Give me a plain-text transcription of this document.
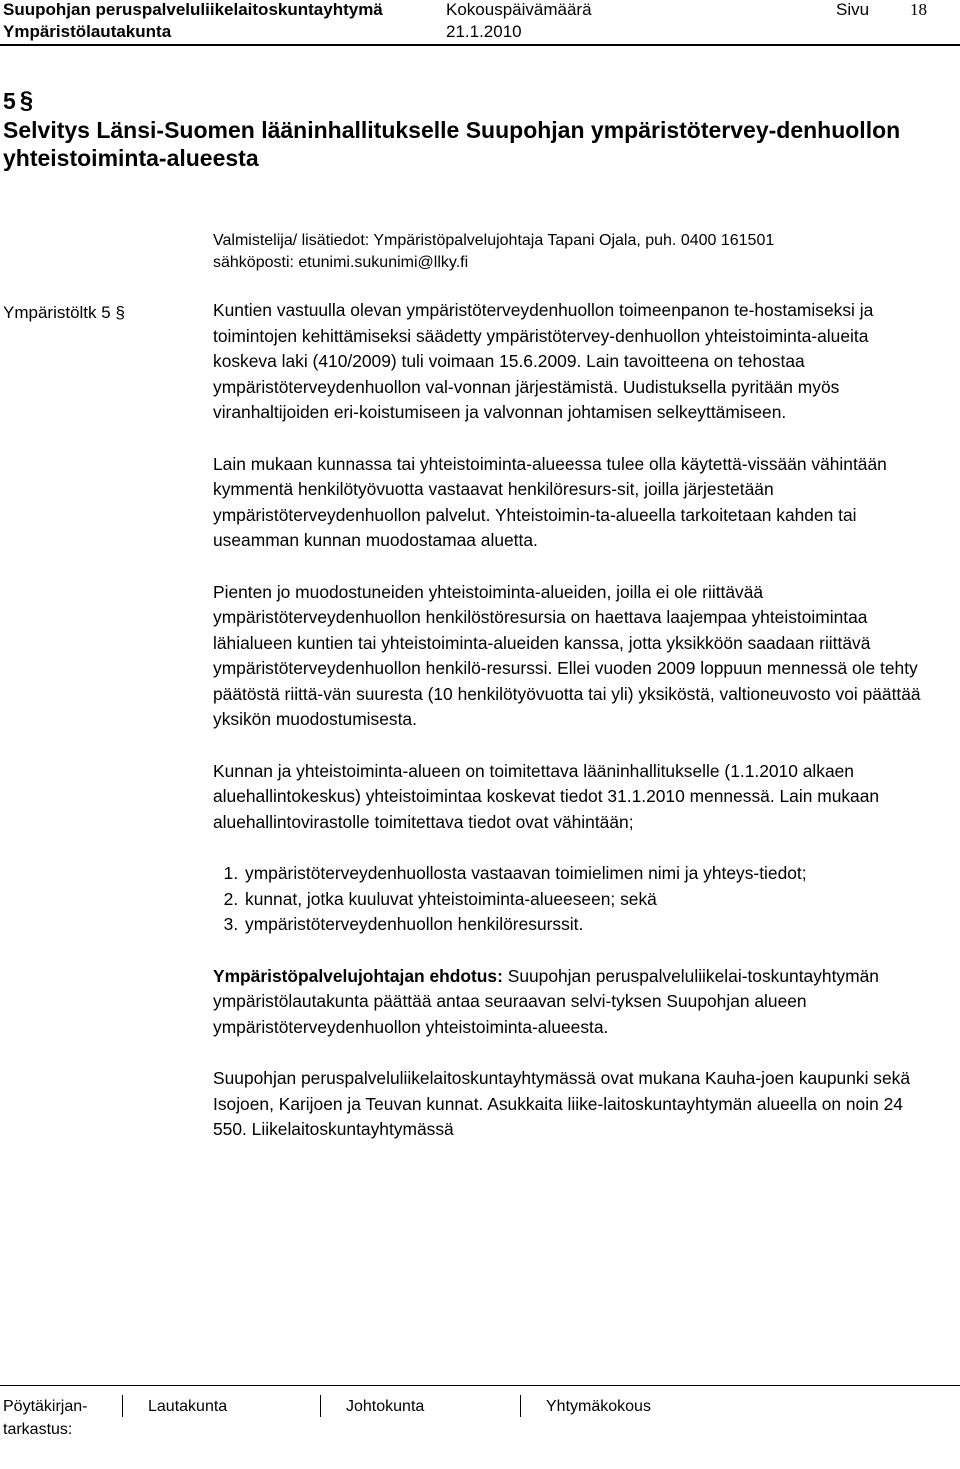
Suupohjan peruspalveluliikelaitoskuntayhtymä
Ympäristölautakunta
Kokouspäivämäärä
21.1.2010
Sivu 18
5 §
Selvitys Länsi-Suomen lääninhallitukselle Suupohjan ympäristötervey-denhuollon yhteistoiminta-alueesta
Valmistelija/ lisätiedot: Ympäristöpalvelujohtaja Tapani Ojala, puh. 0400 161501
sähköposti: etunimi.sukunimi@llky.fi
Ympäristöltk 5 §	Kuntien vastuulla olevan ympäristöterveydenhuollon toimeenpanon te-hostamiseksi ja toimintojen kehittämiseksi säädetty ympäristötervey-denhuollon yhteistoiminta-alueita koskeva laki (410/2009) tuli voimaan 15.6.2009. Lain tavoitteena on tehostaa ympäristöterveydenhuollon val-vonnan järjestämistä. Uudistuksella pyritään myös viranhaltijoiden eri-koistumiseen ja valvonnan johtamisen selkeyttämiseen.

Lain mukaan kunnassa tai yhteistoiminta-alueessa tulee olla käytettä-vissään vähintään kymmentä henkilötyövuotta vastaavat henkilöresurs-sit, joilla järjestetään ympäristöterveydenhuollon palvelut. Yhteistoimin-ta-alueella tarkoitetaan kahden tai useamman kunnan muodostamaa aluetta.

Pienten jo muodostuneiden yhteistoiminta-alueiden, joilla ei ole riittävää ympäristöterveydenhuollon henkilöstöresursia on haettava laajempaa yhteistoimintaa lähialueen kuntien tai yhteistoiminta-alueiden kanssa, jotta yksikköön saadaan riittävä ympäristöterveydenhuollon henkilö-resurssi. Ellei vuoden 2009 loppuun mennessä ole tehty päätöstä riittä-vän suuresta (10 henkilötyövuotta tai yli) yksiköstä, valtioneuvosto voi päättää yksikön muodostumisesta.

Kunnan ja yhteistoiminta-alueen on toimitettava lääninhallitukselle (1.1.2010 alkaen aluehallintokeskus) yhteistoimintaa koskevat tiedot 31.1.2010 mennessä. Lain mukaan aluehallintovirastolle toimitettava tiedot ovat vähintään;

1. ympäristöterveydenhuollosta vastaavan toimielimen nimi ja yhteys-tiedot;
2. kunnat, jotka kuuluvat yhteistoiminta-alueeseen; sekä
3. ympäristöterveydenhuollon henkilöresurssit.

Ympäristöpalvelujohtajan ehdotus: Suupohjan peruspalveluliikelai-toskuntayhtymän ympäristölautakunta päättää antaa seuraavan selvi-tyksen Suupohjan alueen ympäristöterveydenhuollon yhteistoiminta-alueesta.

Suupohjan peruspalveluliikelaitoskuntayhtymässä ovat mukana Kauha-joen kaupunki sekä Isojoen, Karijoen ja Teuvan kunnat. Asukkaita liike-laitoskuntayhtymän alueella on noin 24 550. Liikelaitoskuntayhtymässä

Pöytäkirjan-
tarkastus:
Lautakunta	Johtokunta	Yhtymäkokous
